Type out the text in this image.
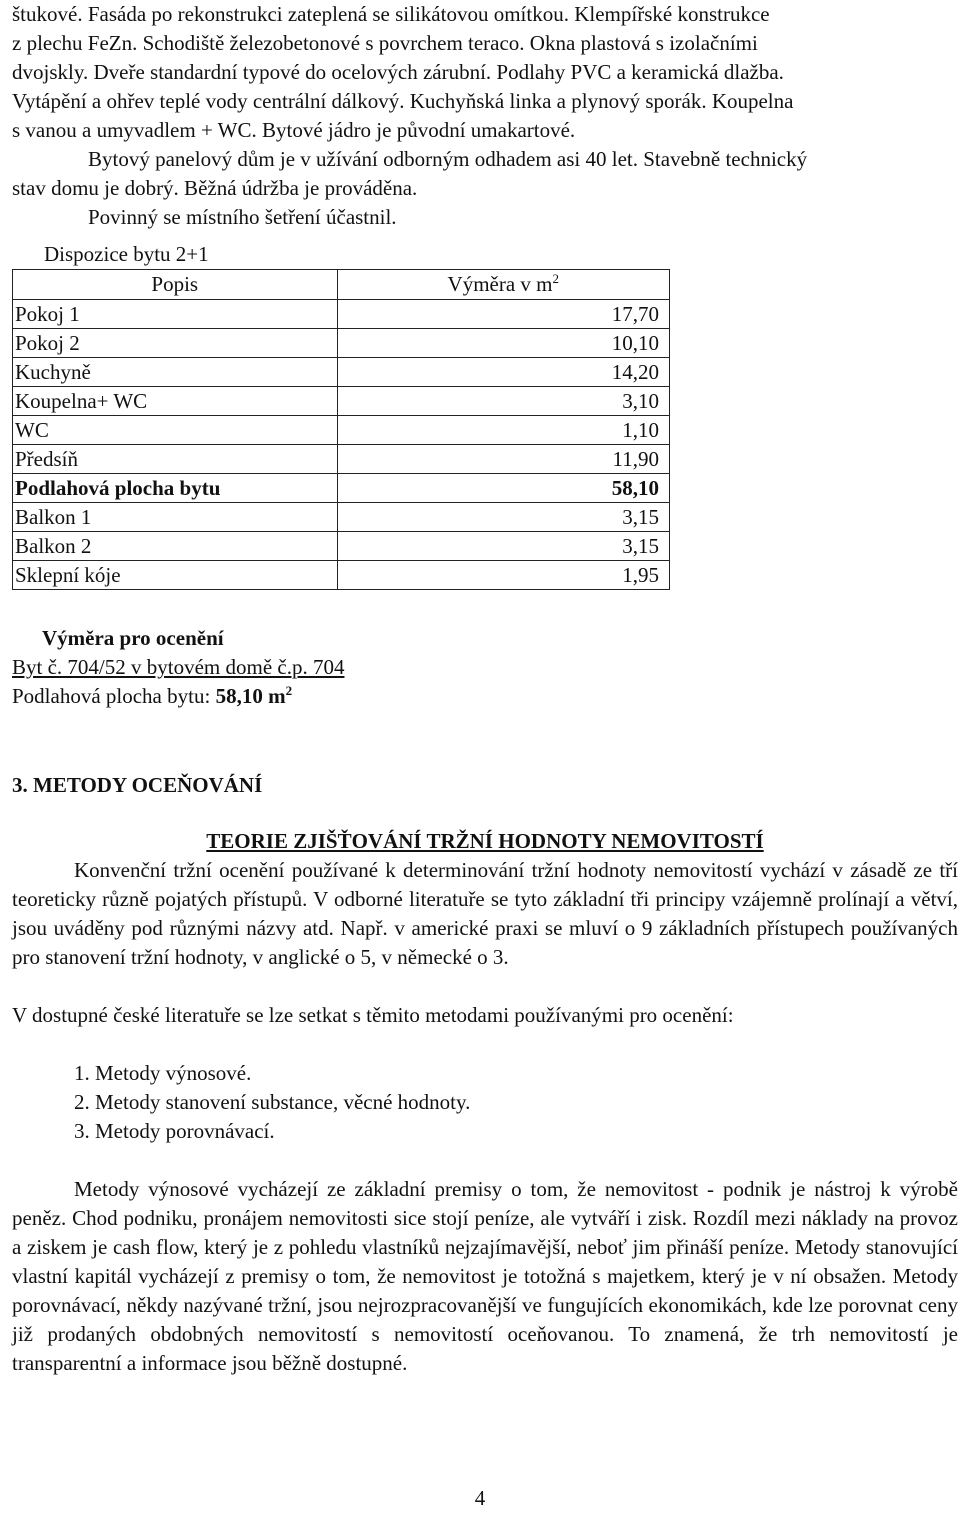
štukové. Fasáda po rekonstrukci zateplená se silikátovou omítkou. Klempířské konstrukce
z plechu FeZn. Schodiště železobetonové s povrchem teraco. Okna plastová s izolačními
dvojskly. Dveře standardní typové do ocelových zárubní. Podlahy PVC a keramická dlažba.
Vytápění a ohřev teplé vody centrální dálkový. Kuchyňská linka a plynový sporák. Koupelna
s vanou a umyvadlem + WC. Bytové jádro je původní umakartové.
Bytový panelový dům je v užívání odborným odhadem asi 40 let. Stavebně technický
stav domu je dobrý. Běžná údržba je prováděna.
Povinný se místního šetření účastnil.
Dispozice bytu 2+1
Popis	Výměra v $m^2$
Pokoj 1	17,70
Pokoj 2	10,10
Kuchyně	14,20
Koupelna+ WC	3,10
WC	1,10
Předsíň	11,90
Podlahová plocha bytu	58,10
Balkon 1	3,15
Balkon 2	3,15
Sklepní kóje	1,95
Výměra pro ocenění
Byt č. 704/52 v bytovém domě č.p. 704
Podlahová plocha bytu: 58,10 $m^2$
3. METODY OCEŇOVÁNÍ
TEORIE ZJIŠŤOVÁNÍ TRŽNÍ HODNOTY NEMOVITOSTÍ

Konvenční tržní ocenění používané k determinování tržní hodnoty nemovitostí vychází v zásadě ze tří teoreticky různě pojatých přístupů. V odborné literatuře se tyto základní tři principy vzájemně prolínají a větví, jsou uváděny pod různými názvy atd. Např. v americké praxi se mluví o 9 základních přístupech používaných pro stanovení tržní hodnoty, v anglické o 5, v německé o 3.

V dostupné české literatuře se lze setkat s těmito metodami používanými pro ocenění:

1. Metody výnosové.
2. Metody stanovení substance, věcné hodnoty.
3. Metody porovnávací.

Metody výnosové vycházejí ze základní premisy o tom, že nemovitost - podnik je nástroj k výrobě peněz. Chod podniku, pronájem nemovitosti sice stojí peníze, ale vytváří i zisk. Rozdíl mezi náklady na provoz a ziskem je cash flow, který je z pohledu vlastníků nejzajímavější, neboť jim přináší peníze. Metody stanovující vlastní kapitál vycházejí z premisy o tom, že nemovitost je totožná s majetkem, který je v ní obsažen. Metody porovnávací, někdy nazývané tržní, jsou nejrozpracovanější ve fungujících ekonomikách, kde lze porovnat ceny již prodaných obdobných nemovitostí s nemovitostí oceňovanou. To znamená, že trh nemovitostí je transparentní a informace jsou běžně dostupné.

4
